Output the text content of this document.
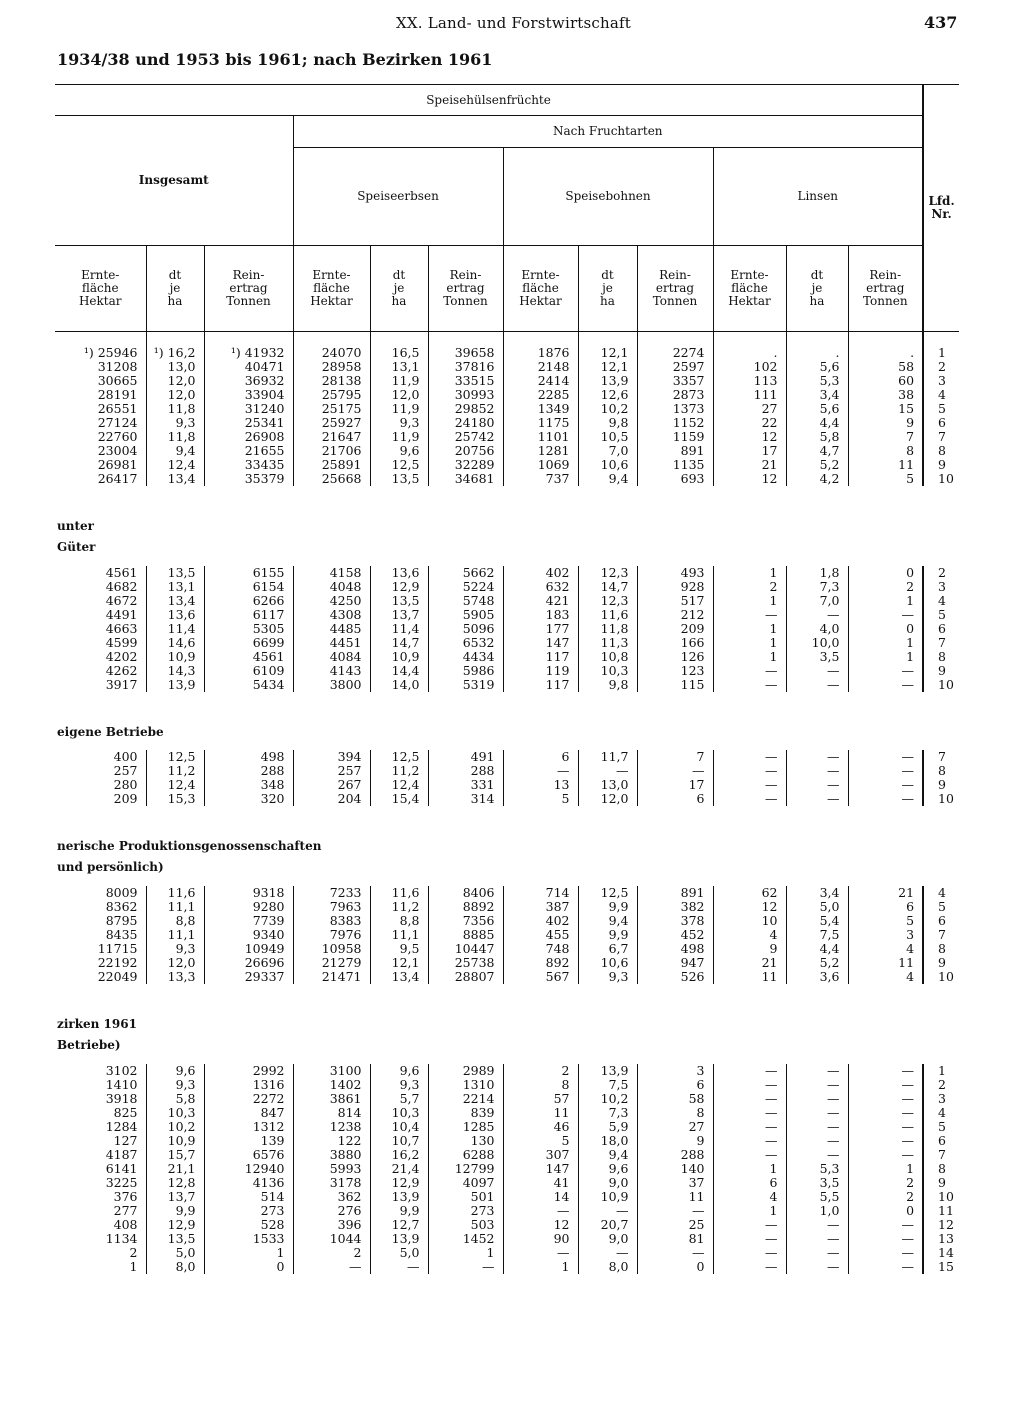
XX. Land- und Forstwirtschaft	437
1934/38 und 1953 bis 1961; nach Bezirken 1961
Speisehülsenfrüchte												Lfd.
Nr.
Insgesamt			Nach Fruchtarten									
			Speiseerbsen			Speisebohnen			Linsen			
Ernte-
fläche
Hektar	dt
je
ha	Rein-
ertrag
Tonnen	Ernte-
fläche
Hektar	dt
je
ha	Rein-
ertrag
Tonnen	Ernte-
fläche
Hektar	dt
je
ha	Rein-
ertrag
Tonnen	Ernte-
fläche
Hektar	dt
je
ha	Rein-
ertrag
Tonnen	
¹) 25946	¹) 16,2	¹) 41932	24070	16,5	39658	1876	12,1	2274	.	.	.	1
31208	13,0	40471	28958	13,1	37816	2148	12,1	2597	102	5,6	58	2
30665	12,0	36932	28138	11,9	33515	2414	13,9	3357	113	5,3	60	3
28191	12,0	33904	25795	12,0	30993	2285	12,6	2873	111	3,4	38	4
26551	11,8	31240	25175	11,9	29852	1349	10,2	1373	27	5,6	15	5
27124	9,3	25341	25927	9,3	24180	1175	9,8	1152	22	4,4	9	6
22760	11,8	26908	21647	11,9	25742	1101	10,5	1159	12	5,8	7	7
23004	9,4	21655	21706	9,6	20756	1281	7,0	891	17	4,7	8	8
26981	12,4	33435	25891	12,5	32289	1069	10,6	1135	21	5,2	11	9
26417	13,4	35379	25668	13,5	34681	737	9,4	693	12	4,2	5	10

unter												
Güter												

4561	13,5	6155	4158	13,6	5662	402	12,3	493	1	1,8	0	2
4682	13,1	6154	4048	12,9	5224	632	14,7	928	2	7,3	2	3
4672	13,4	6266	4250	13,5	5748	421	12,3	517	1	7,0	1	4
4491	13,6	6117	4308	13,7	5905	183	11,6	212	—	—	—	5
4663	11,4	5305	4485	11,4	5096	177	11,8	209	1	4,0	0	6
4599	14,6	6699	4451	14,7	6532	147	11,3	166	1	10,0	1	7
4202	10,9	4561	4084	10,9	4434	117	10,8	126	1	3,5	1	8
4262	14,3	6109	4143	14,4	5986	119	10,3	123	—	—	—	9
3917	13,9	5434	3800	14,0	5319	117	9,8	115	—	—	—	10

eigene Betriebe												

400	12,5	498	394	12,5	491	6	11,7	7	—	—	—	7
257	11,2	288	257	11,2	288	—	—	—	—	—	—	8
280	12,4	348	267	12,4	331	13	13,0	17	—	—	—	9
209	15,3	320	204	15,4	314	5	12,0	6	—	—	—	10

nerische Produktionsgenossenschaften												
und persönlich)												

8009	11,6	9318	7233	11,6	8406	714	12,5	891	62	3,4	21	4
8362	11,1	9280	7963	11,2	8892	387	9,9	382	12	5,0	6	5
8795	8,8	7739	8383	8,8	7356	402	9,4	378	10	5,4	5	6
8435	11,1	9340	7976	11,1	8885	455	9,9	452	4	7,5	3	7
11715	9,3	10949	10958	9,5	10447	748	6,7	498	9	4,4	4	8
22192	12,0	26696	21279	12,1	25738	892	10,6	947	21	5,2	11	9
22049	13,3	29337	21471	13,4	28807	567	9,3	526	11	3,6	4	10

zirken 1961												
Betriebe)												

3102	9,6	2992	3100	9,6	2989	2	13,9	3	—	—	—	1
1410	9,3	1316	1402	9,3	1310	8	7,5	6	—	—	—	2
3918	5,8	2272	3861	5,7	2214	57	10,2	58	—	—	—	3
825	10,3	847	814	10,3	839	11	7,3	8	—	—	—	4
1284	10,2	1312	1238	10,4	1285	46	5,9	27	—	—	—	5
127	10,9	139	122	10,7	130	5	18,0	9	—	—	—	6
4187	15,7	6576	3880	16,2	6288	307	9,4	288	—	—	—	7
6141	21,1	12940	5993	21,4	12799	147	9,6	140	1	5,3	1	8
3225	12,8	4136	3178	12,9	4097	41	9,0	37	6	3,5	2	9
376	13,7	514	362	13,9	501	14	10,9	11	4	5,5	2	10
277	9,9	273	276	9,9	273	—	—	—	1	1,0	0	11
408	12,9	528	396	12,7	503	12	20,7	25	—	—	—	12
1134	13,5	1533	1044	13,9	1452	90	9,0	81	—	—	—	13
2	5,0	1	2	5,0	1	—	—	—	—	—	—	14
1	8,0	0	—	—	—	1	8,0	0	—	—	—	15
